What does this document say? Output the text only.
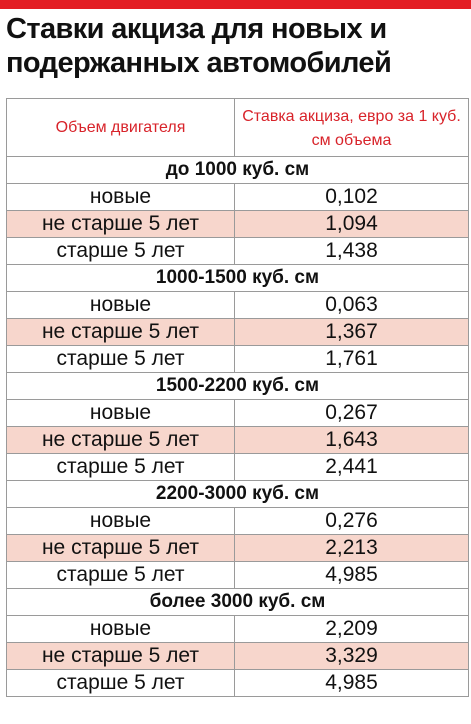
Ставки акциза для новых и
подержанных автомобилей
Объем двигателя	Ставка акциза, евро за 1 куб. см объема
до 1000 куб. см	
новые	0,102
не старше 5 лет	1,094
старше 5 лет	1,438
1000-1500 куб. см	
новые	0,063
не старше 5 лет	1,367
старше 5 лет	1,761
1500-2200 куб. см	
новые	0,267
не старше 5 лет	1,643
старше 5 лет	2,441
2200-3000 куб. см	
новые	0,276
не старше 5 лет	2,213
старше 5 лет	4,985
более 3000 куб. см	
новые	2,209
не старше 5 лет	3,329
старше 5 лет	4,985
